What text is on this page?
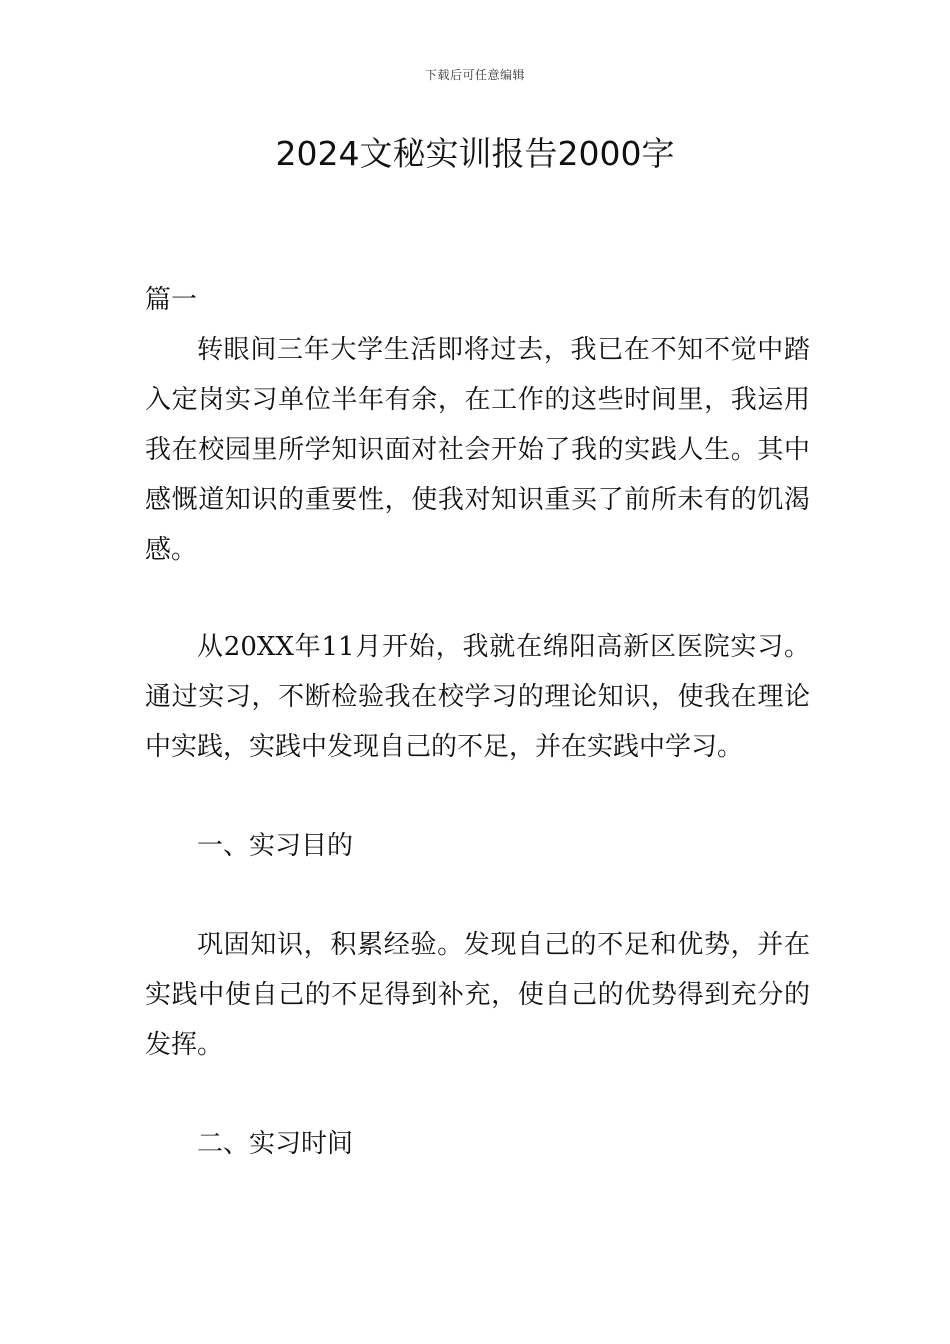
下载后可任意编辑
2024文秘实训报告2000字

篇一

转眼间三年大学生活即将过去，我已在不知不觉中踏入定岗实习单位半年有余，在工作的这些时间里，我运用我在校园里所学知识面对社会开始了我的实践人生。其中感慨道知识的重要性，使我对知识重买了前所未有的饥渴感。

从20XX年11月开始，我就在绵阳高新区医院实习。通过实习，不断检验我在校学习的理论知识，使我在理论中实践，实践中发现自己的不足，并在实践中学习。

一、实习目的

巩固知识，积累经验。发现自己的不足和优势，并在实践中使自己的不足得到补充，使自己的优势得到充分的发挥。

二、实习时间
